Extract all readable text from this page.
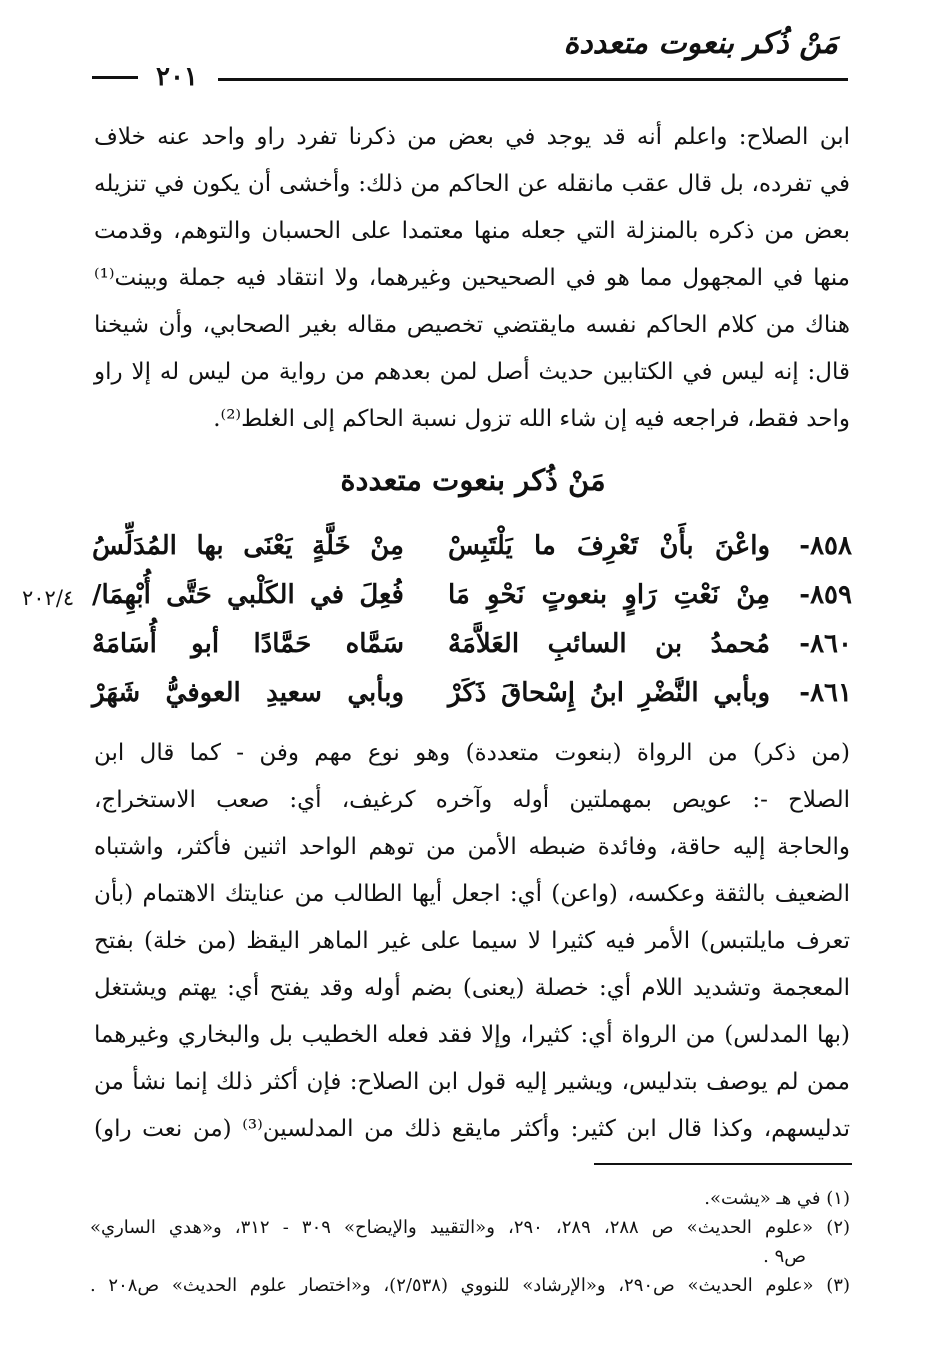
مَنْ ذُكر بنعوت متعددة
٢٠١
ابن الصلاح: واعلم أنه قد يوجد في بعض من ذكرنا تفرد راو واحد عنه خلاف
في تفرده، بل قال عقب مانقله عن الحاكم من ذلك: وأخشى أن يكون في تنزيله
بعض من ذكره بالمنزلة التي جعله منها معتمدا على الحسبان والتوهم، وقدمت
منها في المجهول مما هو في الصحيحين وغيرهما، ولا انتقاد فيه جملة وبينت⁽¹⁾
هناك من كلام الحاكم نفسه مايقتضي تخصيص مقاله بغير الصحابي، وأن شيخنا
قال: إنه ليس في الكتابين حديث أصل لمن بعدهم من رواية من ليس له إلا راو
واحد فقط، فراجعه فيه إن شاء الله تزول نسبة الحاكم إلى الغلط⁽²⁾.
مَنْ ذُكر بنعوت متعددة
٨٥٨-
واعْنَ بأَنْ تَعْرِفَ ما يَلْتَبِسْ
مِنْ خَلَّةٍ يَعْنَى بها المُدَلِّسُ
٨٥٩-
مِنْ نَعْتِ رَاوٍ بنعوتٍ نَحْوِ مَا
فُعِلَ في الكَلْبي حَتَّى أُبْهِمَا/
٨٦٠-
مُحمدُ بن السائبِ العَلاَّمَهْ
سَمَّاه حَمَّادًا أبو أُسَامَهْ
٨٦١-
وبأبي النَّضْرِ ابنُ إِسْحاقَ ذَكَرْ
وبأبي سعيدِ العوفيُّ شَهَرْ
٢٠٢/٤
(من ذكر) من الرواة (بنعوت متعددة) وهو نوع مهم وفن - كما قال ابن
الصلاح -: عويص بمهملتين أوله وآخره كرغيف، أي: صعب الاستخراج،
والحاجة إليه حاقة، وفائدة ضبطه الأمن من توهم الواحد اثنين فأكثر، واشتباه
الضعيف بالثقة وعكسه، (واعن) أي: اجعل أيها الطالب من عنايتك الاهتمام (بأن
تعرف مايلتبس) الأمر فيه كثيرا لا سيما على غير الماهر اليقظ (من خلة) بفتح
المعجمة وتشديد اللام أي: خصلة (يعنى) بضم أوله وقد يفتح أي: يهتم ويشتغل
(بها المدلس) من الرواة أي: كثيرا، وإلا فقد فعله الخطيب بل والبخاري وغيرهما
ممن لم يوصف بتدليس، ويشير إليه قول ابن الصلاح: فإن أكثر ذلك إنما نشأ من
تدليسهم، وكذا قال ابن كثير: وأكثر مايقع ذلك من المدلسين⁽³⁾ (من نعت راو)
(١) في هـ «يشت».
(٢) «علوم الحديث» ص ٢٨٨، ٢٨٩، ٢٩٠، و«التقييد والإيضاح» ٣٠٩ - ٣١٢، و«هدي الساري»
ص٩ .
(٣) «علوم الحديث» ص٢٩٠، و«الإرشاد» للنووي (٢/٥٣٨)، و«اختصار علوم الحديث» ص٢٠٨ .
